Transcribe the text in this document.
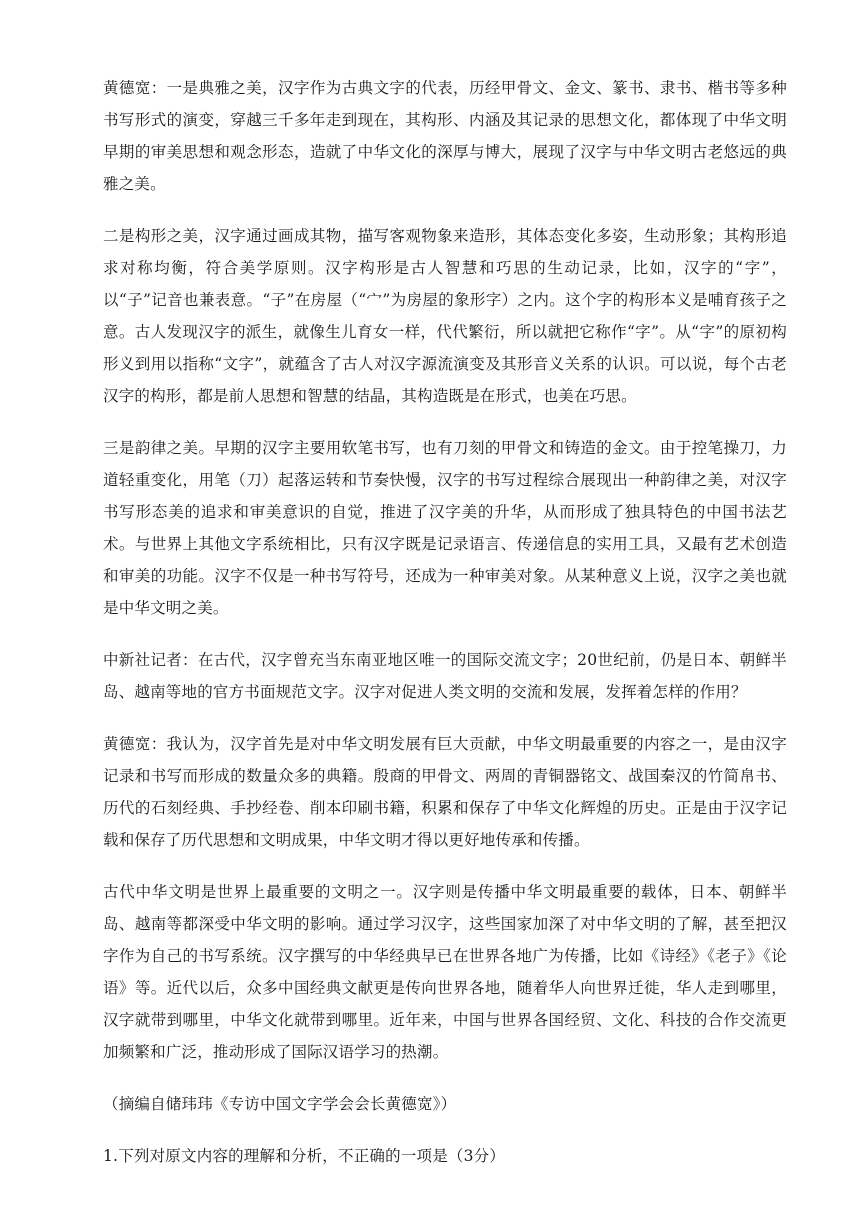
黄德宽：一是典雅之美，汉字作为古典文字的代表，历经甲骨文、金文、篆书、隶书、楷书等多种书写形式的演变，穿越三千多年走到现在，其构形、内涵及其记录的思想文化，都体现了中华文明早期的审美思想和观念形态，造就了中华文化的深厚与博大，展现了汉字与中华文明古老悠远的典雅之美。

二是构形之美，汉字通过画成其物，描写客观物象来造形，其体态变化多姿，生动形象；其构形追求对称均衡，符合美学原则。汉字构形是古人智慧和巧思的生动记录，比如，汉字的“字”，以“子”记音也兼表意。“子”在房屋（“宀”为房屋的象形字）之内。这个字的构形本义是哺育孩子之意。古人发现汉字的派生，就像生儿育女一样，代代繁衍，所以就把它称作“字”。从“字”的原初构形义到用以指称“文字”，就蕴含了古人对汉字源流演变及其形音义关系的认识。可以说，每个古老汉字的构形，都是前人思想和智慧的结晶，其构造既是在形式，也美在巧思。

三是韵律之美。早期的汉字主要用软笔书写，也有刀刻的甲骨文和铸造的金文。由于控笔操刀，力道轻重变化，用笔（刀）起落运转和节奏快慢，汉字的书写过程综合展现出一种韵律之美，对汉字书写形态美的追求和审美意识的自觉，推进了汉字美的升华，从而形成了独具特色的中国书法艺术。与世界上其他文字系统相比，只有汉字既是记录语言、传递信息的实用工具，又最有艺术创造和审美的功能。汉字不仅是一种书写符号，还成为一种审美对象。从某种意义上说，汉字之美也就是中华文明之美。

中新社记者：在古代，汉字曾充当东南亚地区唯一的国际交流文字；20世纪前，仍是日本、朝鲜半岛、越南等地的官方书面规范文字。汉字对促进人类文明的交流和发展，发挥着怎样的作用？

黄德宽：我认为，汉字首先是对中华文明发展有巨大贡献，中华文明最重要的内容之一，是由汉字记录和书写而形成的数量众多的典籍。殷商的甲骨文、两周的青铜器铭文、战国秦汉的竹简帛书、历代的石刻经典、手抄经卷、削本印刷书籍，积累和保存了中华文化辉煌的历史。正是由于汉字记载和保存了历代思想和文明成果，中华文明才得以更好地传承和传播。

古代中华文明是世界上最重要的文明之一。汉字则是传播中华文明最重要的载体，日本、朝鲜半岛、越南等都深受中华文明的影响。通过学习汉字，这些国家加深了对中华文明的了解，甚至把汉字作为自己的书写系统。汉字撰写的中华经典早已在世界各地广为传播，比如《诗经》《老子》《论语》等。近代以后，众多中国经典文献更是传向世界各地，随着华人向世界迁徙，华人走到哪里，汉字就带到哪里，中华文化就带到哪里。近年来，中国与世界各国经贸、文化、科技的合作交流更加频繁和广泛，推动形成了国际汉语学习的热潮。

（摘编自储玮玮《专访中国文字学会会长黄德宽》）

1.下列对原文内容的理解和分析，不正确的一项是（3分）
